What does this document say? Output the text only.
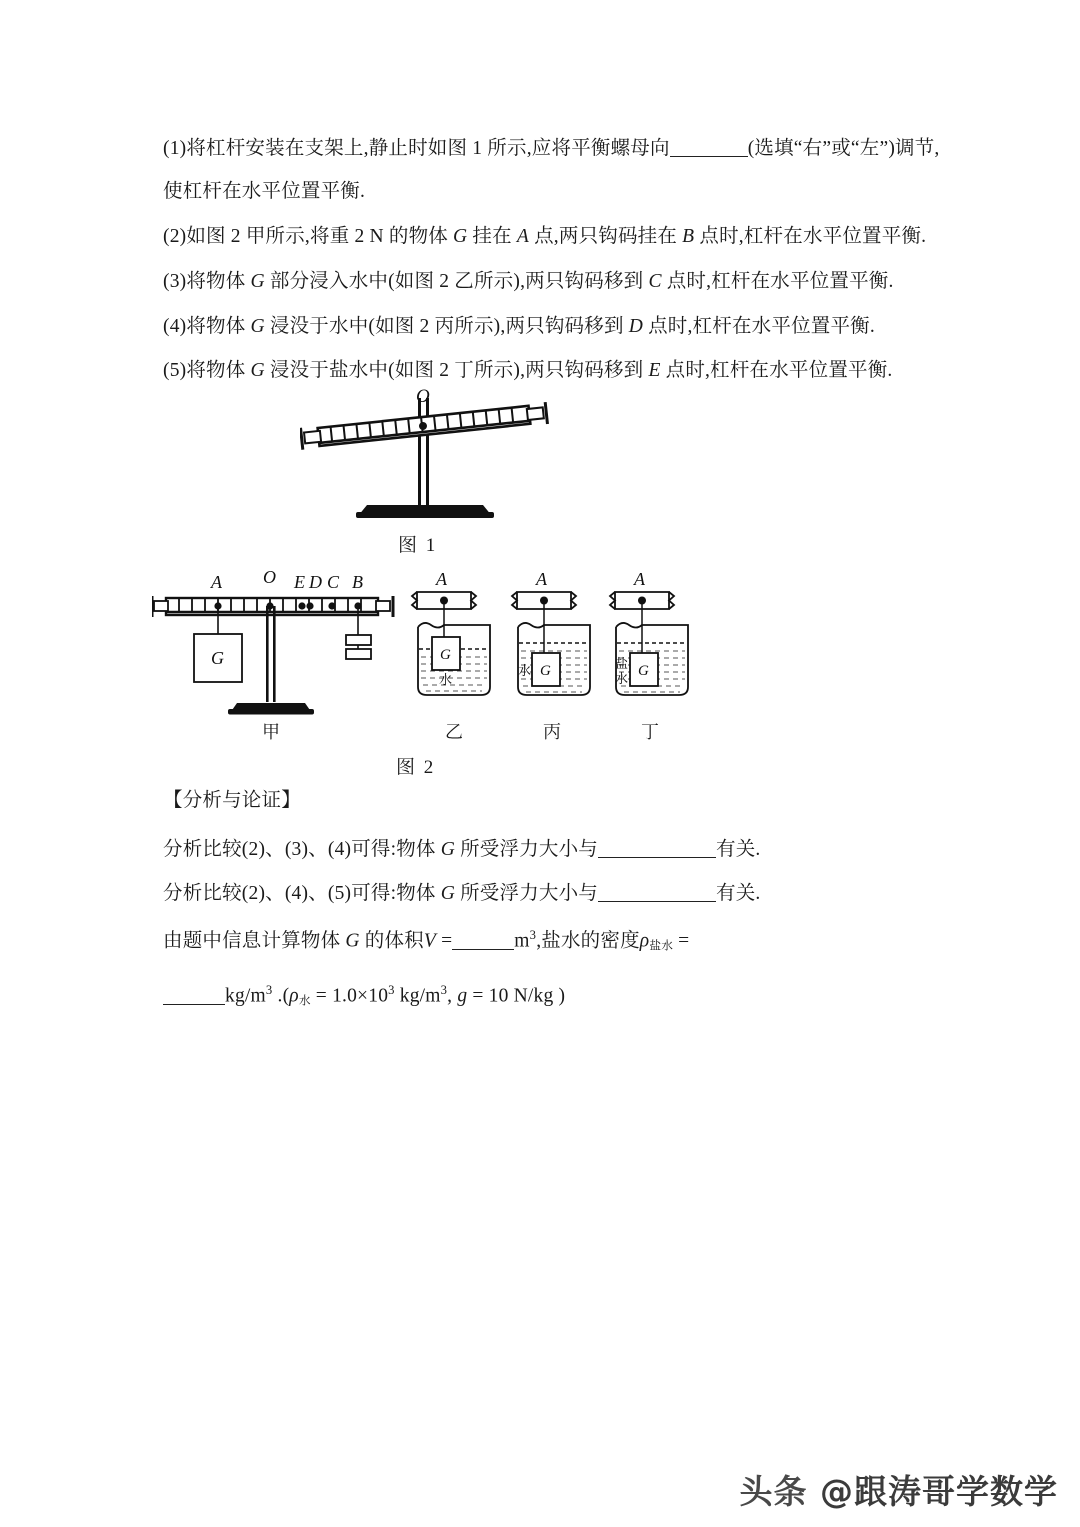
(1)将杠杆安装在支架上,静止时如图 1 所示,应将平衡螺母向	(选填“右”或“左”)调节,
使杠杆在水平位置平衡.
(2)如图 2 甲所示,将重 2 N 的物体 G 挂在 A 点,两只钩码挂在 B 点时,杠杆在水平位置平衡.
(3)将物体 G 部分浸入水中(如图 2 乙所示),两只钩码移到 C 点时,杠杆在水平位置平衡.
(4)将物体 G 浸没于水中(如图 2 丙所示),两只钩码移到 D 点时,杠杆在水平位置平衡.
(5)将物体 G 浸没于盐水中(如图 2 丁所示),两只钩码移到 E 点时,杠杆在水平位置平衡.
O
图 1
G
A O E D C B	A
G
水
A
G
水
A
G
盐
水
甲	乙	丙	丁
图 2
【分析与论证】
分析比较(2)、(3)、(4)可得:物体 G 所受浮力大小与	有关.
分析比较(2)、(4)、(5)可得:物体 G 所受浮力大小与	有关.
由题中信息计算物体 G 的体积V =	$m^3$,盐水的密度$\rho_{盐水}$ =
$kg/m^3$ $.(\rho_水 = 1.0\times 10^3$ $kg/m^3$, g = 10 N/kg )
头条 @跟涛哥学数学
